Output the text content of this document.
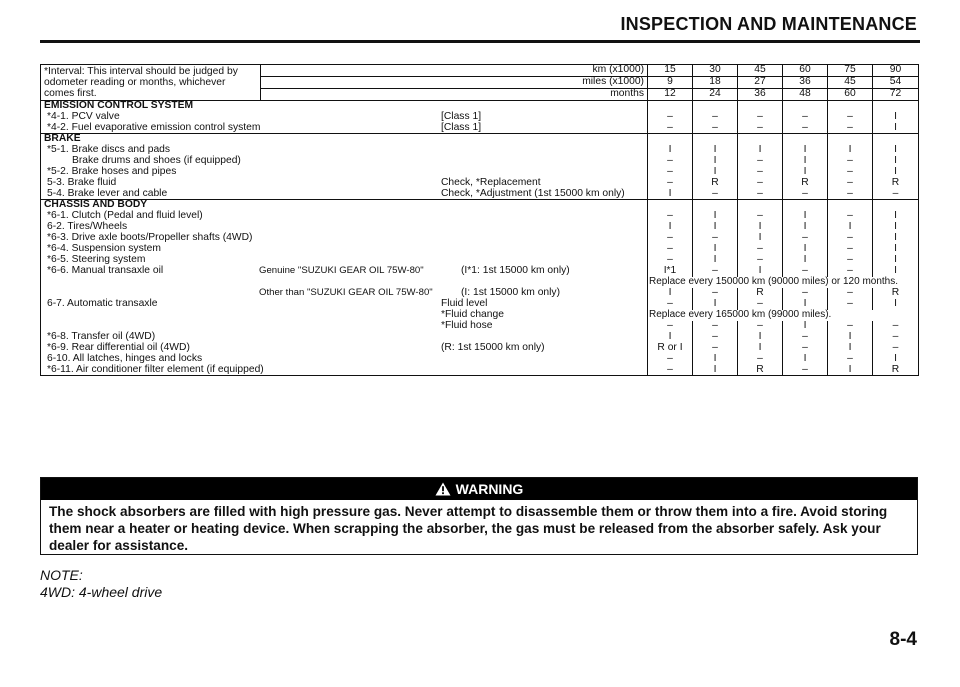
INSPECTION AND MAINTENANCE
*Interval: This interval should be judged by odometer reading or months, whichever comes first.	km (x1000)	15	30	45	60	75	90
	miles (x1000)	9	18	27	36	45	54
	months	12	24	36	48	60	72
EMISSION CONTROL SYSTEM							
*4-1. PCV valve [Class 1]		–	–	–	–	–	I
*4-2. Fuel evaporative emission control system [Class 1]		–	–	–	–	–	I
BRAKE							
*5-1. Brake discs and pads		I	I	I	I	I	I
Brake drums and shoes (if equipped)		–	I	–	I	–	I
*5-2. Brake hoses and pipes		–	I	–	I	–	I
5-3. Brake fluid Check, *Replacement		–	R	–	R	–	R
5-4. Brake lever and cable Check, *Adjustment (1st 15000 km only)		I	–	–	–	–	–
CHASSIS AND BODY							
*6-1. Clutch (Pedal and fluid level)		–	I	–	I	–	I
6-2. Tires/Wheels		I	I	I	I	I	I
*6-3. Drive axle boots/Propeller shafts (4WD)		–	–	I	–	–	I
*6-4. Suspension system		–	I	–	I	–	I
*6-5. Steering system		–	I	–	I	–	I
*6-6. Manual transaxle oil Genuine "SUZUKI GEAR OIL 75W-80" (I*1: 1st 15000 km only)		I*1	–	I	–	–	I
		Replace every 150000 km (90000 miles) or 120 months.					

Other than "SUZUKI GEAR OIL 75W-80" (I: 1st 15000 km only)		I	–	R	–	–	R
6-7. Automatic transaxle Fluid level		–	I	–	I	–	I

*Fluid change		Replace every 165000 km (99000 miles).					

*Fluid hose		–	–	–	I	–	–
*6-8. Transfer oil (4WD)		I	–	I	–	I	–
*6-9. Rear differential oil (4WD) (R: 1st 15000 km only)		R or I	–	I	–	I	–
6-10. All latches, hinges and locks		–	I	–	I	–	I
*6-11. Air conditioner filter element (if equipped)		–	I	R	–	I	R
WARNING
The shock absorbers are filled with high pressure gas. Never attempt to disassemble them or throw them into a fire. Avoid storing them near a heater or heating device. When scrapping the absorber, the gas must be released from the absorber safely. Ask your dealer for assistance.
NOTE:
4WD: 4-wheel drive
8-4
